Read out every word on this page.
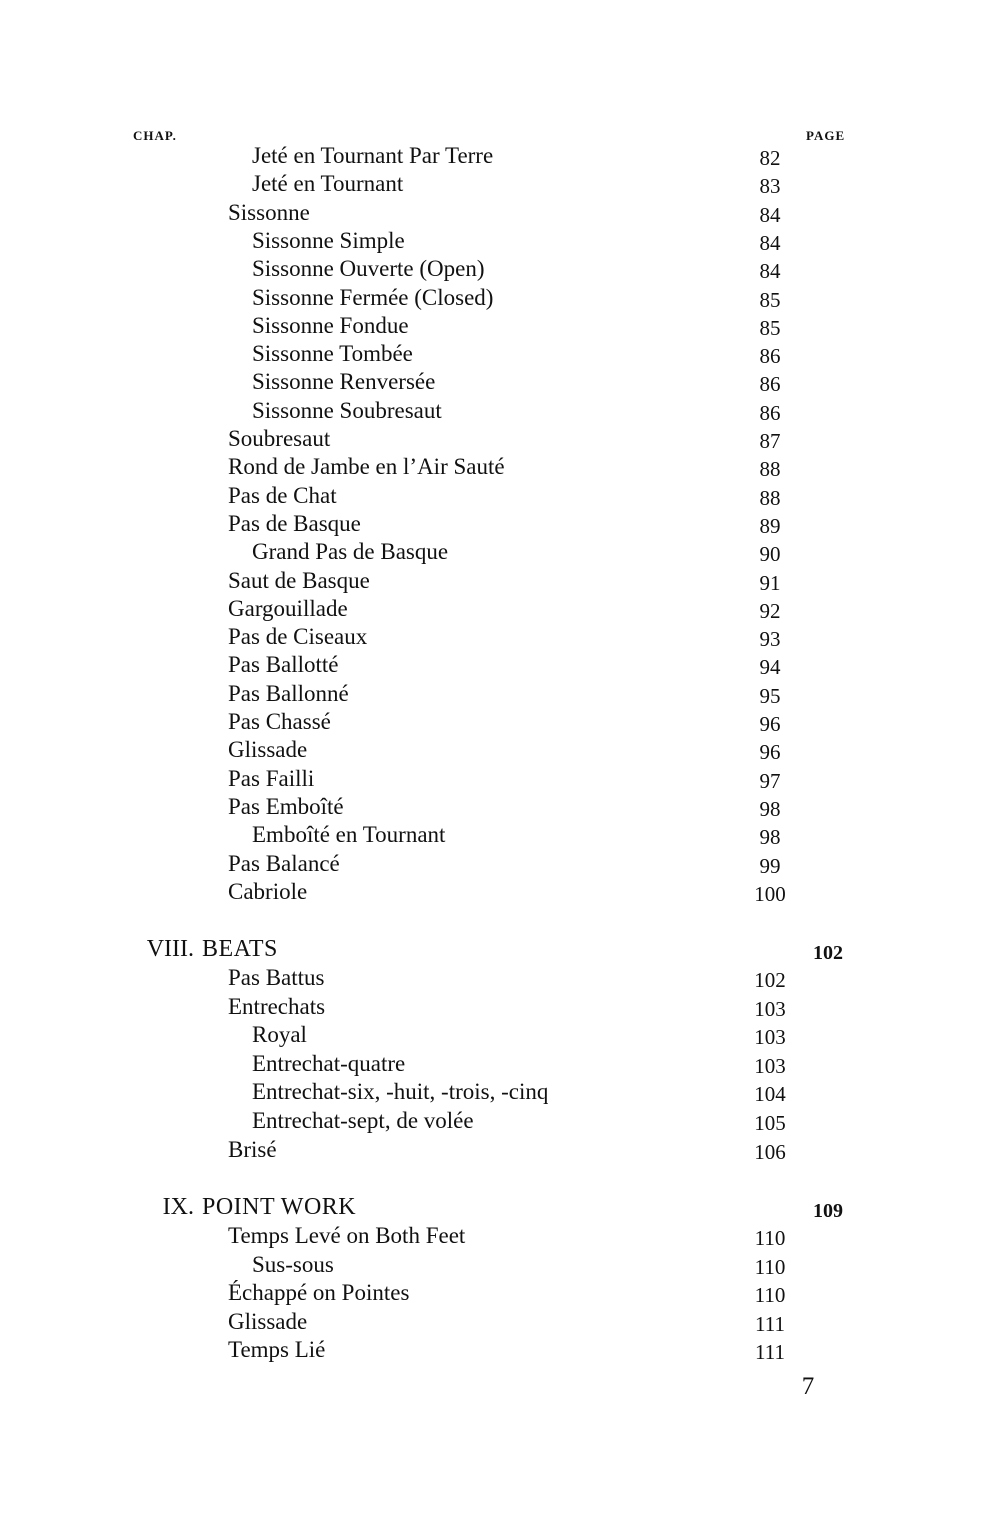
CHAP.	PAGE
Jeté en Tournant Par Terre	82
Jeté en Tournant	83
Sissonne	84
Sissonne Simple	84
Sissonne Ouverte (Open)	84
Sissonne Fermée (Closed)	85
Sissonne Fondue	85
Sissonne Tombée	86
Sissonne Renversée	86
Sissonne Soubresaut	86
Soubresaut	87
Rond de Jambe en l’Air Sauté	88
Pas de Chat	88
Pas de Basque	89
Grand Pas de Basque	90
Saut de Basque	91
Gargouillade	92
Pas de Ciseaux	93
Pas Ballotté	94
Pas Ballonné	95
Pas Chassé	96
Glissade	96
Pas Failli	97
Pas Emboîté	98
Emboîté en Tournant	98
Pas Balancé	99
Cabriole	100
VIII. BEATS	102
Pas Battus	102
Entrechats	103
Royal	103
Entrechat-quatre	103
Entrechat-six, -huit, -trois, -cinq	104
Entrechat-sept, de volée	105
Brisé	106
IX. POINT WORK	109
Temps Levé on Both Feet	110
Sus-sous	110
Échappé on Pointes	110
Glissade	111
Temps Lié	111
7
